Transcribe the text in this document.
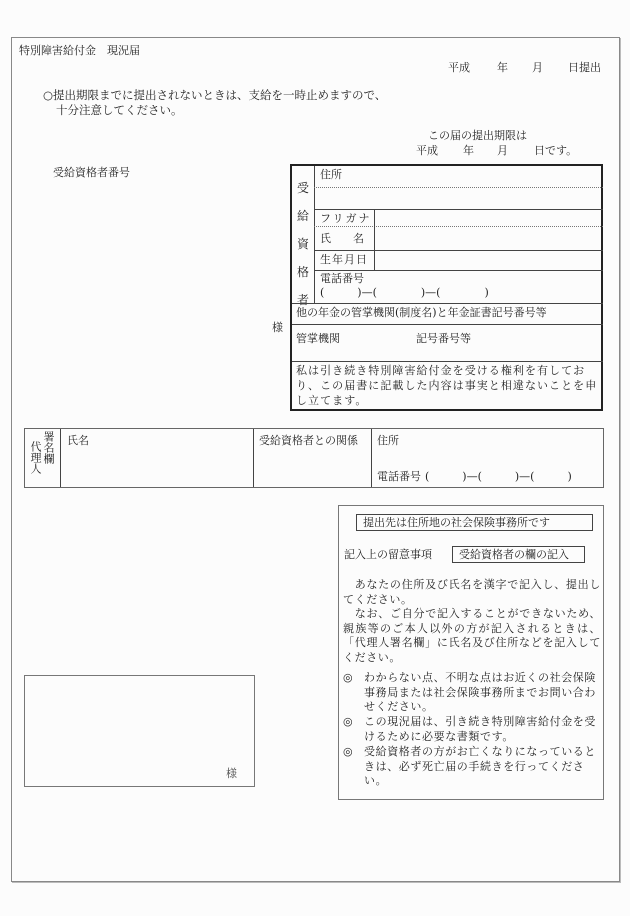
特別障害給付金　現況届
平成 年 月 日提出
○提出期限までに提出されないときは、支給を一時止めますので、
十分注意してください。
この届の提出期限は
平成 年 月 日です。
受給資格者番号
様
受
給
資
格
者
住所
フリガナ
氏　　名
生年月日
電話番号
(　　　)—(　　　　)—(　　　　)
他の年金の管掌機関(制度名)と年金証書記号番号等
管掌機関	記号番号等
私は引き続き特別障害給付金を受ける権利を有しており、この届書に記載した内容は事実と相違ないことを申し立てます。
代理人 署名欄 氏名	受給資格者との関係 住所
電話番号 (　　　)—(　　　)—(　　　)
提出先は住所地の社会保険事務所です
記入上の留意事項	受給資格者の欄の記入
　あなたの住所及び氏名を漢字で記入し、提出してください。
　なお、ご自分で記入することができないため、親族等のご本人以外の方が記入されるときは、「代理人署名欄」に氏名及び住所などを記入してください。
◎ わからない点、不明な点はお近くの社会保険事務局または社会保険事務所までお問い合わせください。
◎ この現況届は、引き続き特別障害給付金を受けるために必要な書類です。
◎ 受給資格者の方がお亡くなりになっているときは、必ず死亡届の手続きを行ってください。
様
